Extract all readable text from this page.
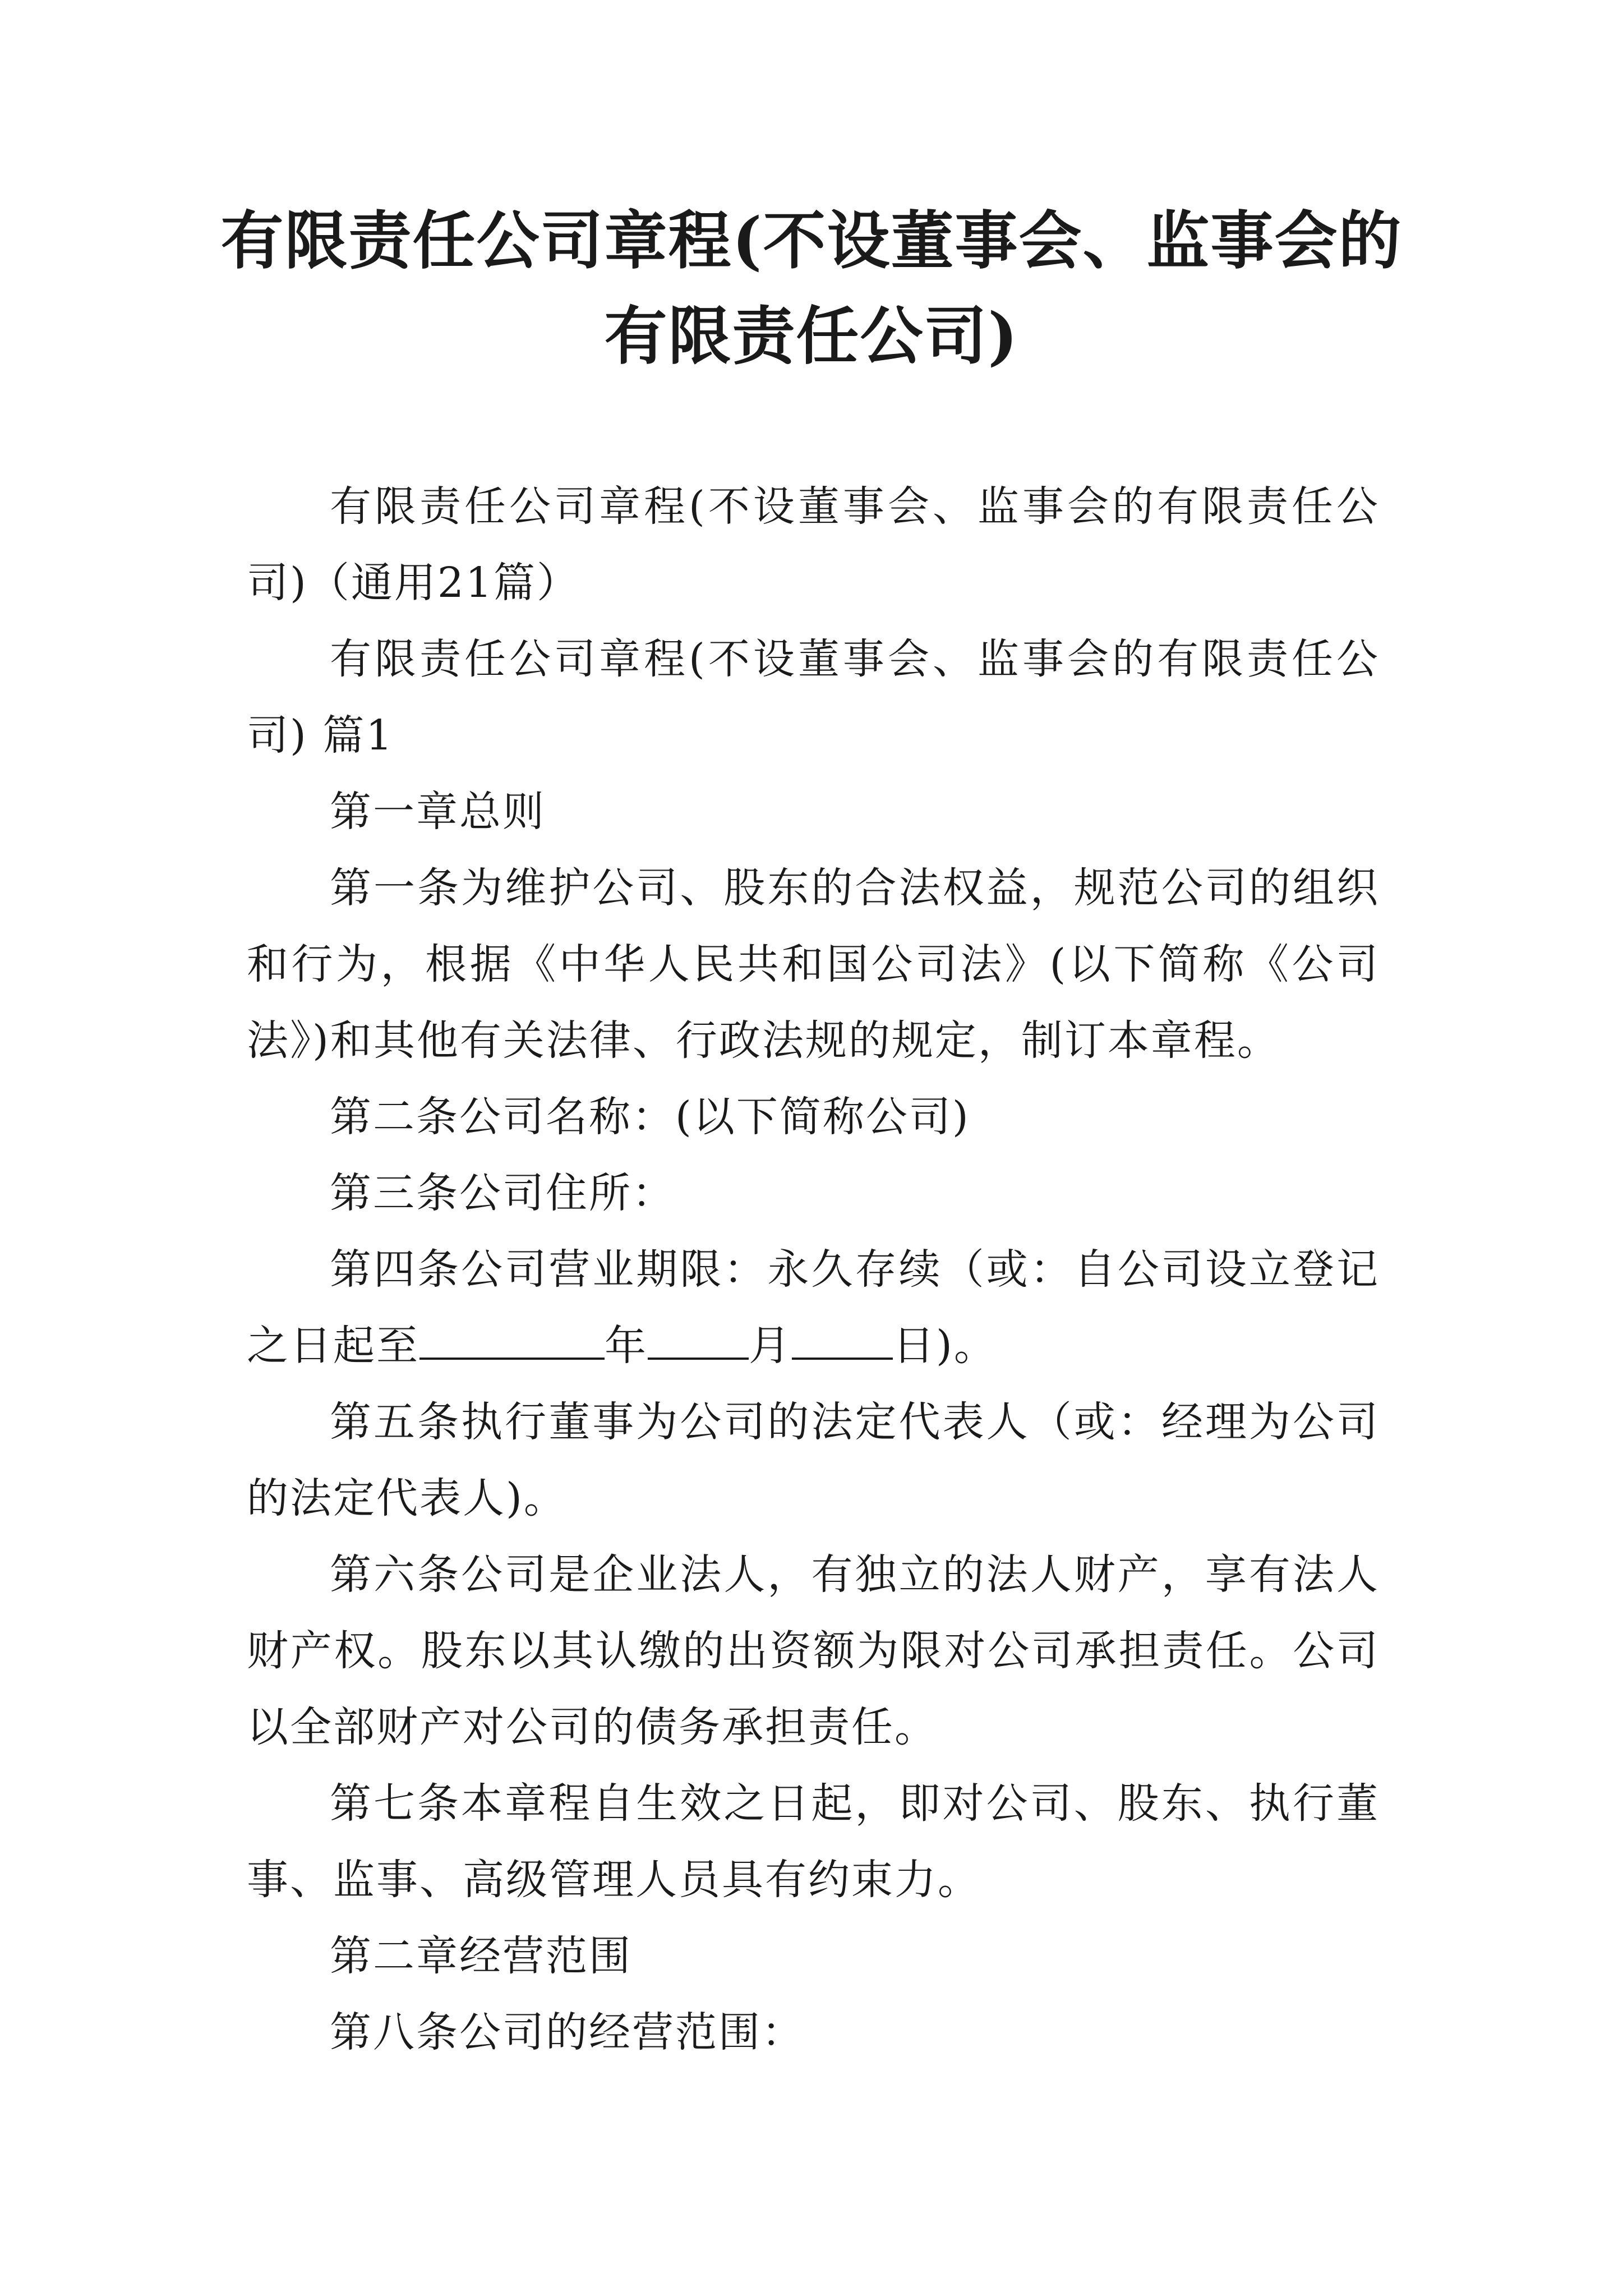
有限责任公司章程(不设董事会、监事会的
有限责任公司)

有限责任公司章程(不设董事会、监事会的有限责任公司)（通用21篇）

有限责任公司章程(不设董事会、监事会的有限责任公司) 篇1

第一章总则

第一条为维护公司、股东的合法权益，规范公司的组织和行为，根据《中华人民共和国公司法》(以下简称《公司法》)和其他有关法律、行政法规的规定，制订本章程。

第二条公司名称：(以下简称公司)

第三条公司住所：

第四条公司营业期限：永久存续（或：自公司设立登记之日起至	年 月 日)。

第五条执行董事为公司的法定代表人（或：经理为公司的法定代表人)。

第六条公司是企业法人，有独立的法人财产，享有法人财产权。股东以其认缴的出资额为限对公司承担责任。公司以全部财产对公司的债务承担责任。

第七条本章程自生效之日起，即对公司、股东、执行董事、监事、高级管理人员具有约束力。

第二章经营范围

第八条公司的经营范围：
